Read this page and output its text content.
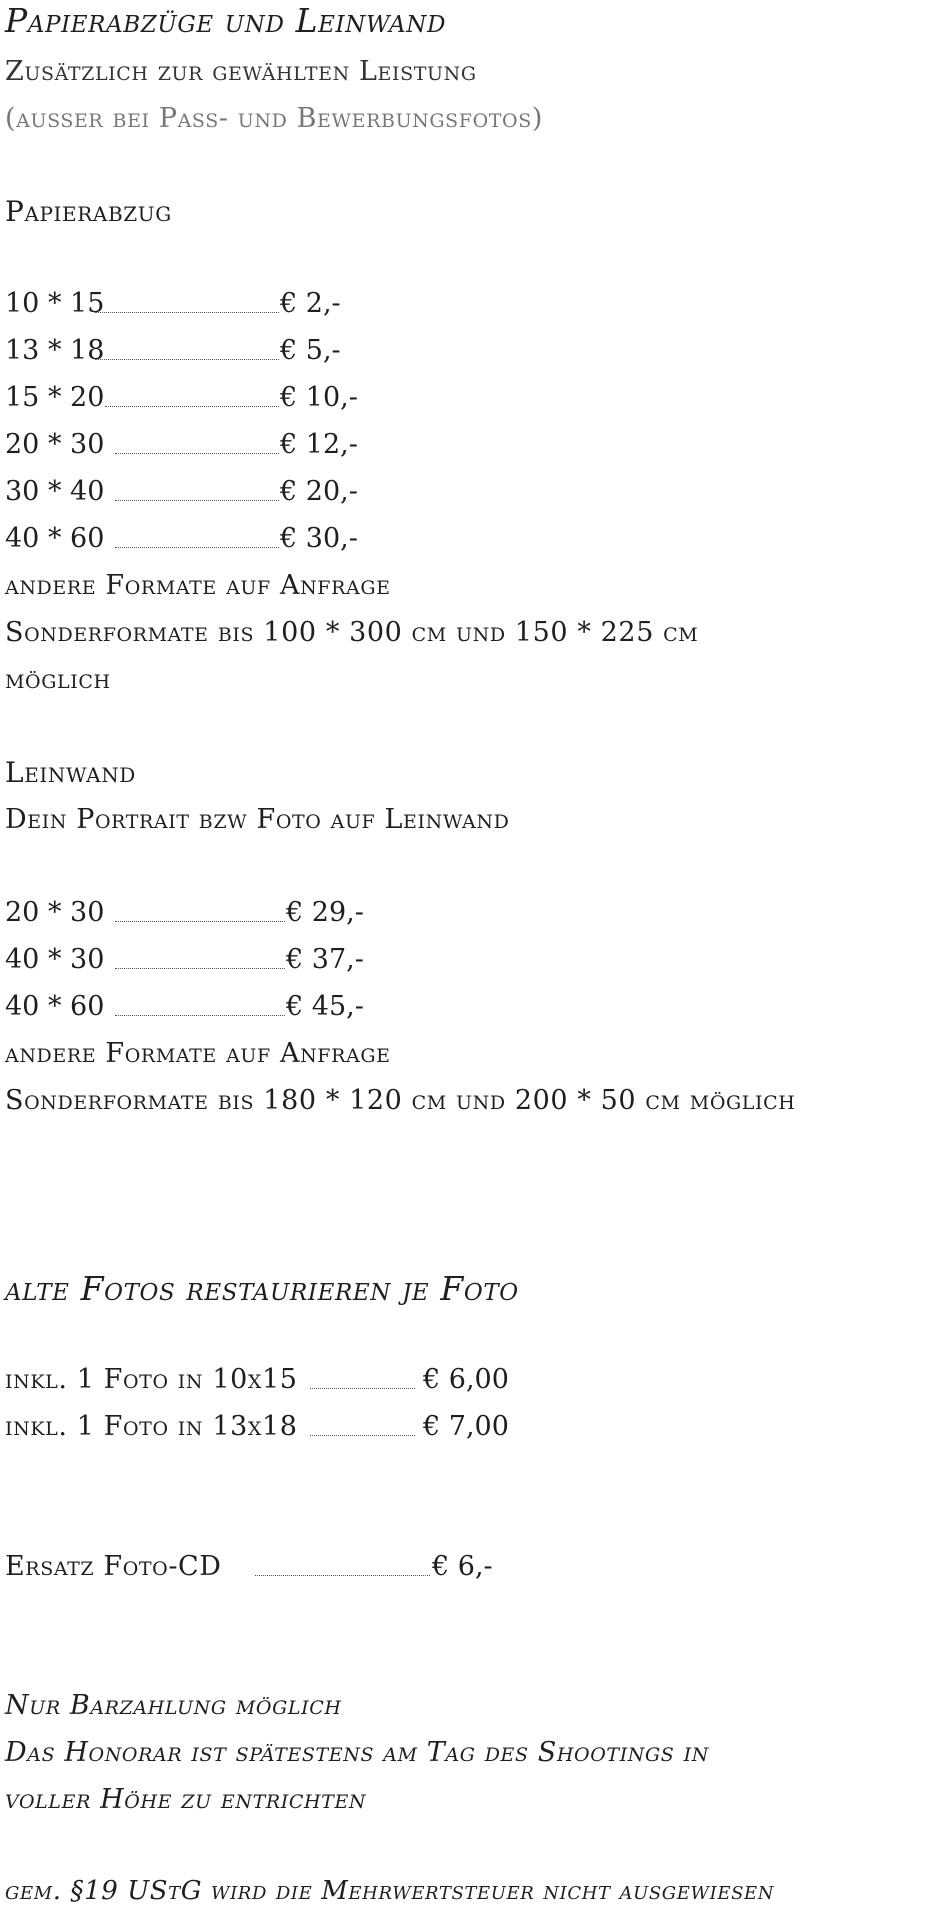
Papierabzüge und Leinwand
Zusätzlich zur gewählten Leistung
(ausser bei Pass- und Bewerbungsfotos)
Papierabzug
10 * 15	€ 2,-
13 * 18	€ 5,-
15 * 20	€ 10,-
20 * 30	€ 12,-
30 * 40	€ 20,-
40 * 60	€ 30,-
andere Formate auf Anfrage
Sonderformate bis 100 * 300 cm und 150 * 225 cm
möglich
Leinwand
Dein Portrait bzw Foto auf Leinwand
20 * 30	€ 29,-
40 * 30	€ 37,-
40 * 60	€ 45,-
andere Formate auf Anfrage
Sonderformate bis 180 * 120 cm und 200 * 50 cm möglich
alte Fotos restaurieren je Foto
inkl. 1 Foto in 10x15	€ 6,00
inkl. 1 Foto in 13x18	€ 7,00
Ersatz Foto-CD	€ 6,-
Nur Barzahlung möglich
Das Honorar ist spätestens am Tag des Shootings in
voller Höhe zu entrichten
gem. §19 UStG wird die Mehrwertsteuer nicht ausgewiesen
